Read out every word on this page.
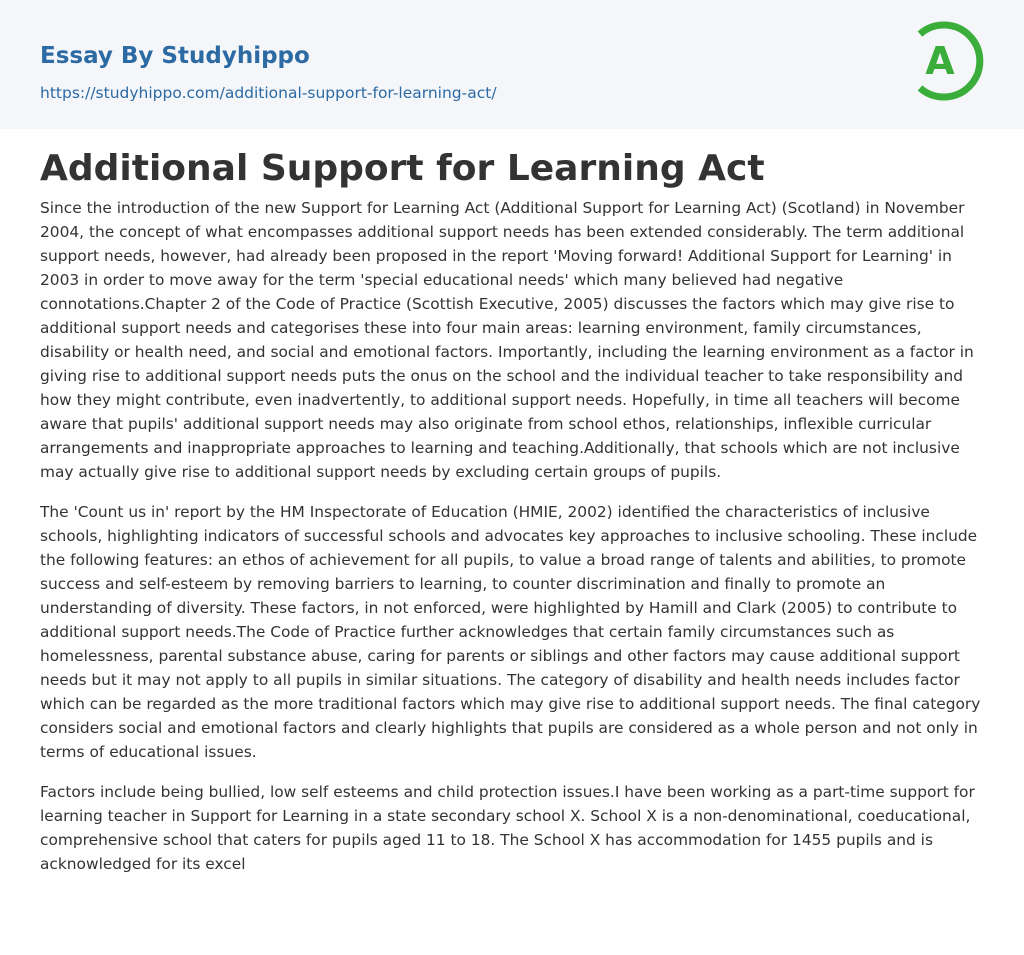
Essay By Studyhippo
https://studyhippo.com/additional-support-for-learning-act/
A
Additional Support for Learning Act

Since the introduction of the new Support for Learning Act (Additional Support for Learning Act) (Scotland) in November 2004, the concept of what encompasses additional support needs has been extended considerably. The term additional support needs, however, had already been proposed in the report 'Moving forward! Additional Support for Learning' in 2003 in order to move away for the term 'special educational needs' which many believed had negative connotations.Chapter 2 of the Code of Practice (Scottish Executive, 2005) discusses the factors which may give rise to additional support needs and categorises these into four main areas: learning environment, family circumstances, disability or health need, and social and emotional factors. Importantly, including the learning environment as a factor in giving rise to additional support needs puts the onus on the school and the individual teacher to take responsibility and how they might contribute, even inadvertently, to additional support needs. Hopefully, in time all teachers will become aware that pupils' additional support needs may also originate from school ethos, relationships, inflexible curricular arrangements and inappropriate approaches to learning and teaching.Additionally, that schools which are not inclusive may actually give rise to additional support needs by excluding certain groups of pupils.

The 'Count us in' report by the HM Inspectorate of Education (HMIE, 2002) identified the characteristics of inclusive schools, highlighting indicators of successful schools and advocates key approaches to inclusive schooling. These include the following features: an ethos of achievement for all pupils, to value a broad range of talents and abilities, to promote success and self-esteem by removing barriers to learning, to counter discrimination and finally to promote an understanding of diversity. These factors, in not enforced, were highlighted by Hamill and Clark (2005) to contribute to additional support needs.The Code of Practice further acknowledges that certain family circumstances such as homelessness, parental substance abuse, caring for parents or siblings and other factors may cause additional support needs but it may not apply to all pupils in similar situations. The category of disability and health needs includes factor which can be regarded as the more traditional factors which may give rise to additional support needs. The final category considers social and emotional factors and clearly highlights that pupils are considered as a whole person and not only in terms of educational issues.

Factors include being bullied, low self esteems and child protection issues.I have been working as a part-time support for learning teacher in Support for Learning in a state secondary school X. School X is a non-denominational, coeducational, comprehensive school that caters for pupils aged 11 to 18. The School X has accommodation for 1455 pupils and is acknowledged for its excel
